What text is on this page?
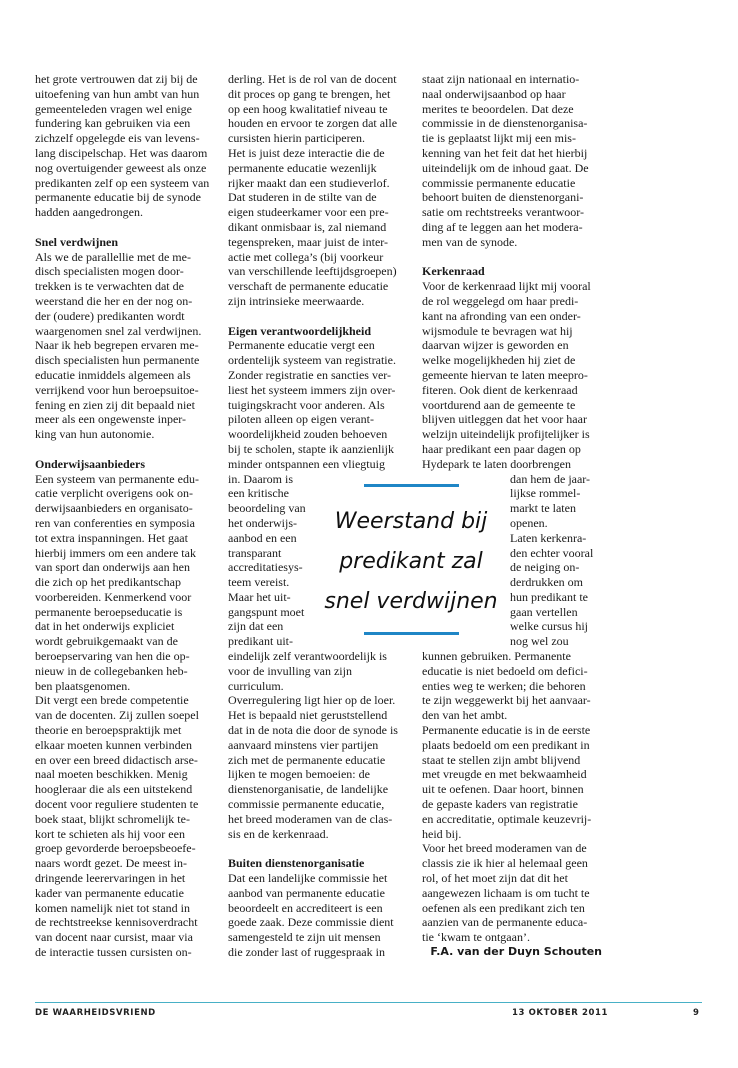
het grote vertrouwen dat zij bij de
uitoefening van hun ambt van hun
gemeenteleden vragen wel enige
fundering kan gebruiken via een
zichzelf opgelegde eis van levens-
lang discipelschap. Het was daarom
nog overtuigender geweest als onze
predikanten zelf op een systeem van
permanente educatie bij de synode
hadden aangedrongen.
Snel verdwijnen
Als we de parallellie met de me-
disch specialisten mogen door-
trekken is te verwachten dat de
weerstand die her en der nog on-
der (oudere) predikanten wordt
waargenomen snel zal verdwijnen.
Naar ik heb begrepen ervaren me-
disch specialisten hun permanente
educatie inmiddels algemeen als
verrijkend voor hun beroepsuitoe-
fening en zien zij dit bepaald niet
meer als een ongewenste inper-
king van hun autonomie.
Onderwijsaanbieders
Een systeem van permanente edu-
catie verplicht overigens ook on-
derwijsaanbieders en organisato-
ren van conferenties en symposia
tot extra inspanningen. Het gaat
hierbij immers om een andere tak
van sport dan onderwijs aan hen
die zich op het predikantschap
voorbereiden. Kenmerkend voor
permanente beroepseducatie is
dat in het onderwijs expliciet
wordt gebruikgemaakt van de
beroepservaring van hen die op-
nieuw in de collegebanken heb-
ben plaatsgenomen.
Dit vergt een brede competentie
van de docenten. Zij zullen soepel
theorie en beroepspraktijk met
elkaar moeten kunnen verbinden
en over een breed didactisch arse-
naal moeten beschikken. Menig
hoogleraar die als een uitstekend
docent voor reguliere studenten te
boek staat, blijkt schromelijk te-
kort te schieten als hij voor een
groep gevorderde beroepsbeoefe-
naars wordt gezet. De meest in-
dringende leerervaringen in het
kader van permanente educatie
komen namelijk niet tot stand in
de rechtstreekse kennisoverdracht
van docent naar cursist, maar via
de interactie tussen cursisten on-
derling. Het is de rol van de docent
dit proces op gang te brengen, het
op een hoog kwalitatief niveau te
houden en ervoor te zorgen dat alle
cursisten hierin participeren.
Het is juist deze interactie die de
permanente educatie wezenlijk
rijker maakt dan een studieverlof.
Dat studeren in de stilte van de
eigen studeerkamer voor een pre-
dikant onmisbaar is, zal niemand
tegenspreken, maar juist de inter-
actie met collega’s (bij voorkeur
van verschillende leeftijdsgroepen)
verschaft de permanente educatie
zijn intrinsieke meerwaarde.
Eigen verantwoordelijkheid
Permanente educatie vergt een
ordentelijk systeem van registratie.
Zonder registratie en sancties ver-
liest het systeem immers zijn over-
tuigingskracht voor anderen. Als
piloten alleen op eigen verant-
woordelijkheid zouden behoeven
bij te scholen, stapte ik aanzienlijk
minder ontspannen een vliegtuig
in. Daarom is
een kritische
beoordeling van
het onderwijs-
aanbod en een
transparant
accreditatiesys-
teem vereist.
Maar het uit-
gangspunt moet
zijn dat een
predikant uit-
eindelijk zelf verantwoordelijk is
voor de invulling van zijn
curriculum.
Overregulering ligt hier op de loer.
Het is bepaald niet geruststellend
dat in de nota die door de synode is
aanvaard minstens vier partijen
zich met de permanente educatie
lijken te mogen bemoeien: de
dienstenorganisatie, de landelijke
commissie permanente educatie,
het breed moderamen van de clas-
sis en de kerkenraad.
Buiten dienstenorganisatie
Dat een landelijke commissie het
aanbod van permanente educatie
beoordeelt en accrediteert is een
goede zaak. Deze commissie dient
samengesteld te zijn uit mensen
die zonder last of ruggespraak in
staat zijn nationaal en internatio-
naal onderwijsaanbod op haar
merites te beoordelen. Dat deze
commissie in de dienstenorganisa-
tie is geplaatst lijkt mij een mis-
kenning van het feit dat het hierbij
uiteindelijk om de inhoud gaat. De
commissie permanente educatie
behoort buiten de dienstenorgani-
satie om rechtstreeks verantwoor-
ding af te leggen aan het modera-
men van de synode.
Kerkenraad
Voor de kerkenraad lijkt mij vooral
de rol weggelegd om haar predi-
kant na afronding van een onder-
wijsmodule te bevragen wat hij
daarvan wijzer is geworden en
welke mogelijkheden hij ziet de
gemeente hiervan te laten meepro-
fiteren. Ook dient de kerkenraad
voortdurend aan de gemeente te
blijven uitleggen dat het voor haar
welzijn uiteindelijk profijtelijker is
haar predikant een paar dagen op
Hydepark te laten doorbrengen
dan hem de jaar-
lijkse rommel-
markt te laten
openen.
Laten kerkenra-
den echter vooral
de neiging on-
derdrukken om
hun predikant te
gaan vertellen
welke cursus hij
nog wel zou
kunnen gebruiken. Permanente
educatie is niet bedoeld om defici-
enties weg te werken; die behoren
te zijn weggewerkt bij het aanvaar-
den van het ambt.
Permanente educatie is in de eerste
plaats bedoeld om een predikant in
staat te stellen zijn ambt blijvend
met vreugde en met bekwaamheid
uit te oefenen. Daar hoort, binnen
de gepaste kaders van registratie
en accreditatie, optimale keuzevrij-
heid bij.
Voor het breed moderamen van de
classis zie ik hier al helemaal geen
rol, of het moet zijn dat dit het
aangewezen lichaam is om tucht te
oefenen als een predikant zich ten
aanzien van de permanente educa-
tie ‘kwam te ontgaan’.
F.A. van der Duyn Schouten
Weerstand bij
predikant zal
snel verdwijnen
DE WAARHEIDSVRIEND	13 OKTOBER 2011	9
